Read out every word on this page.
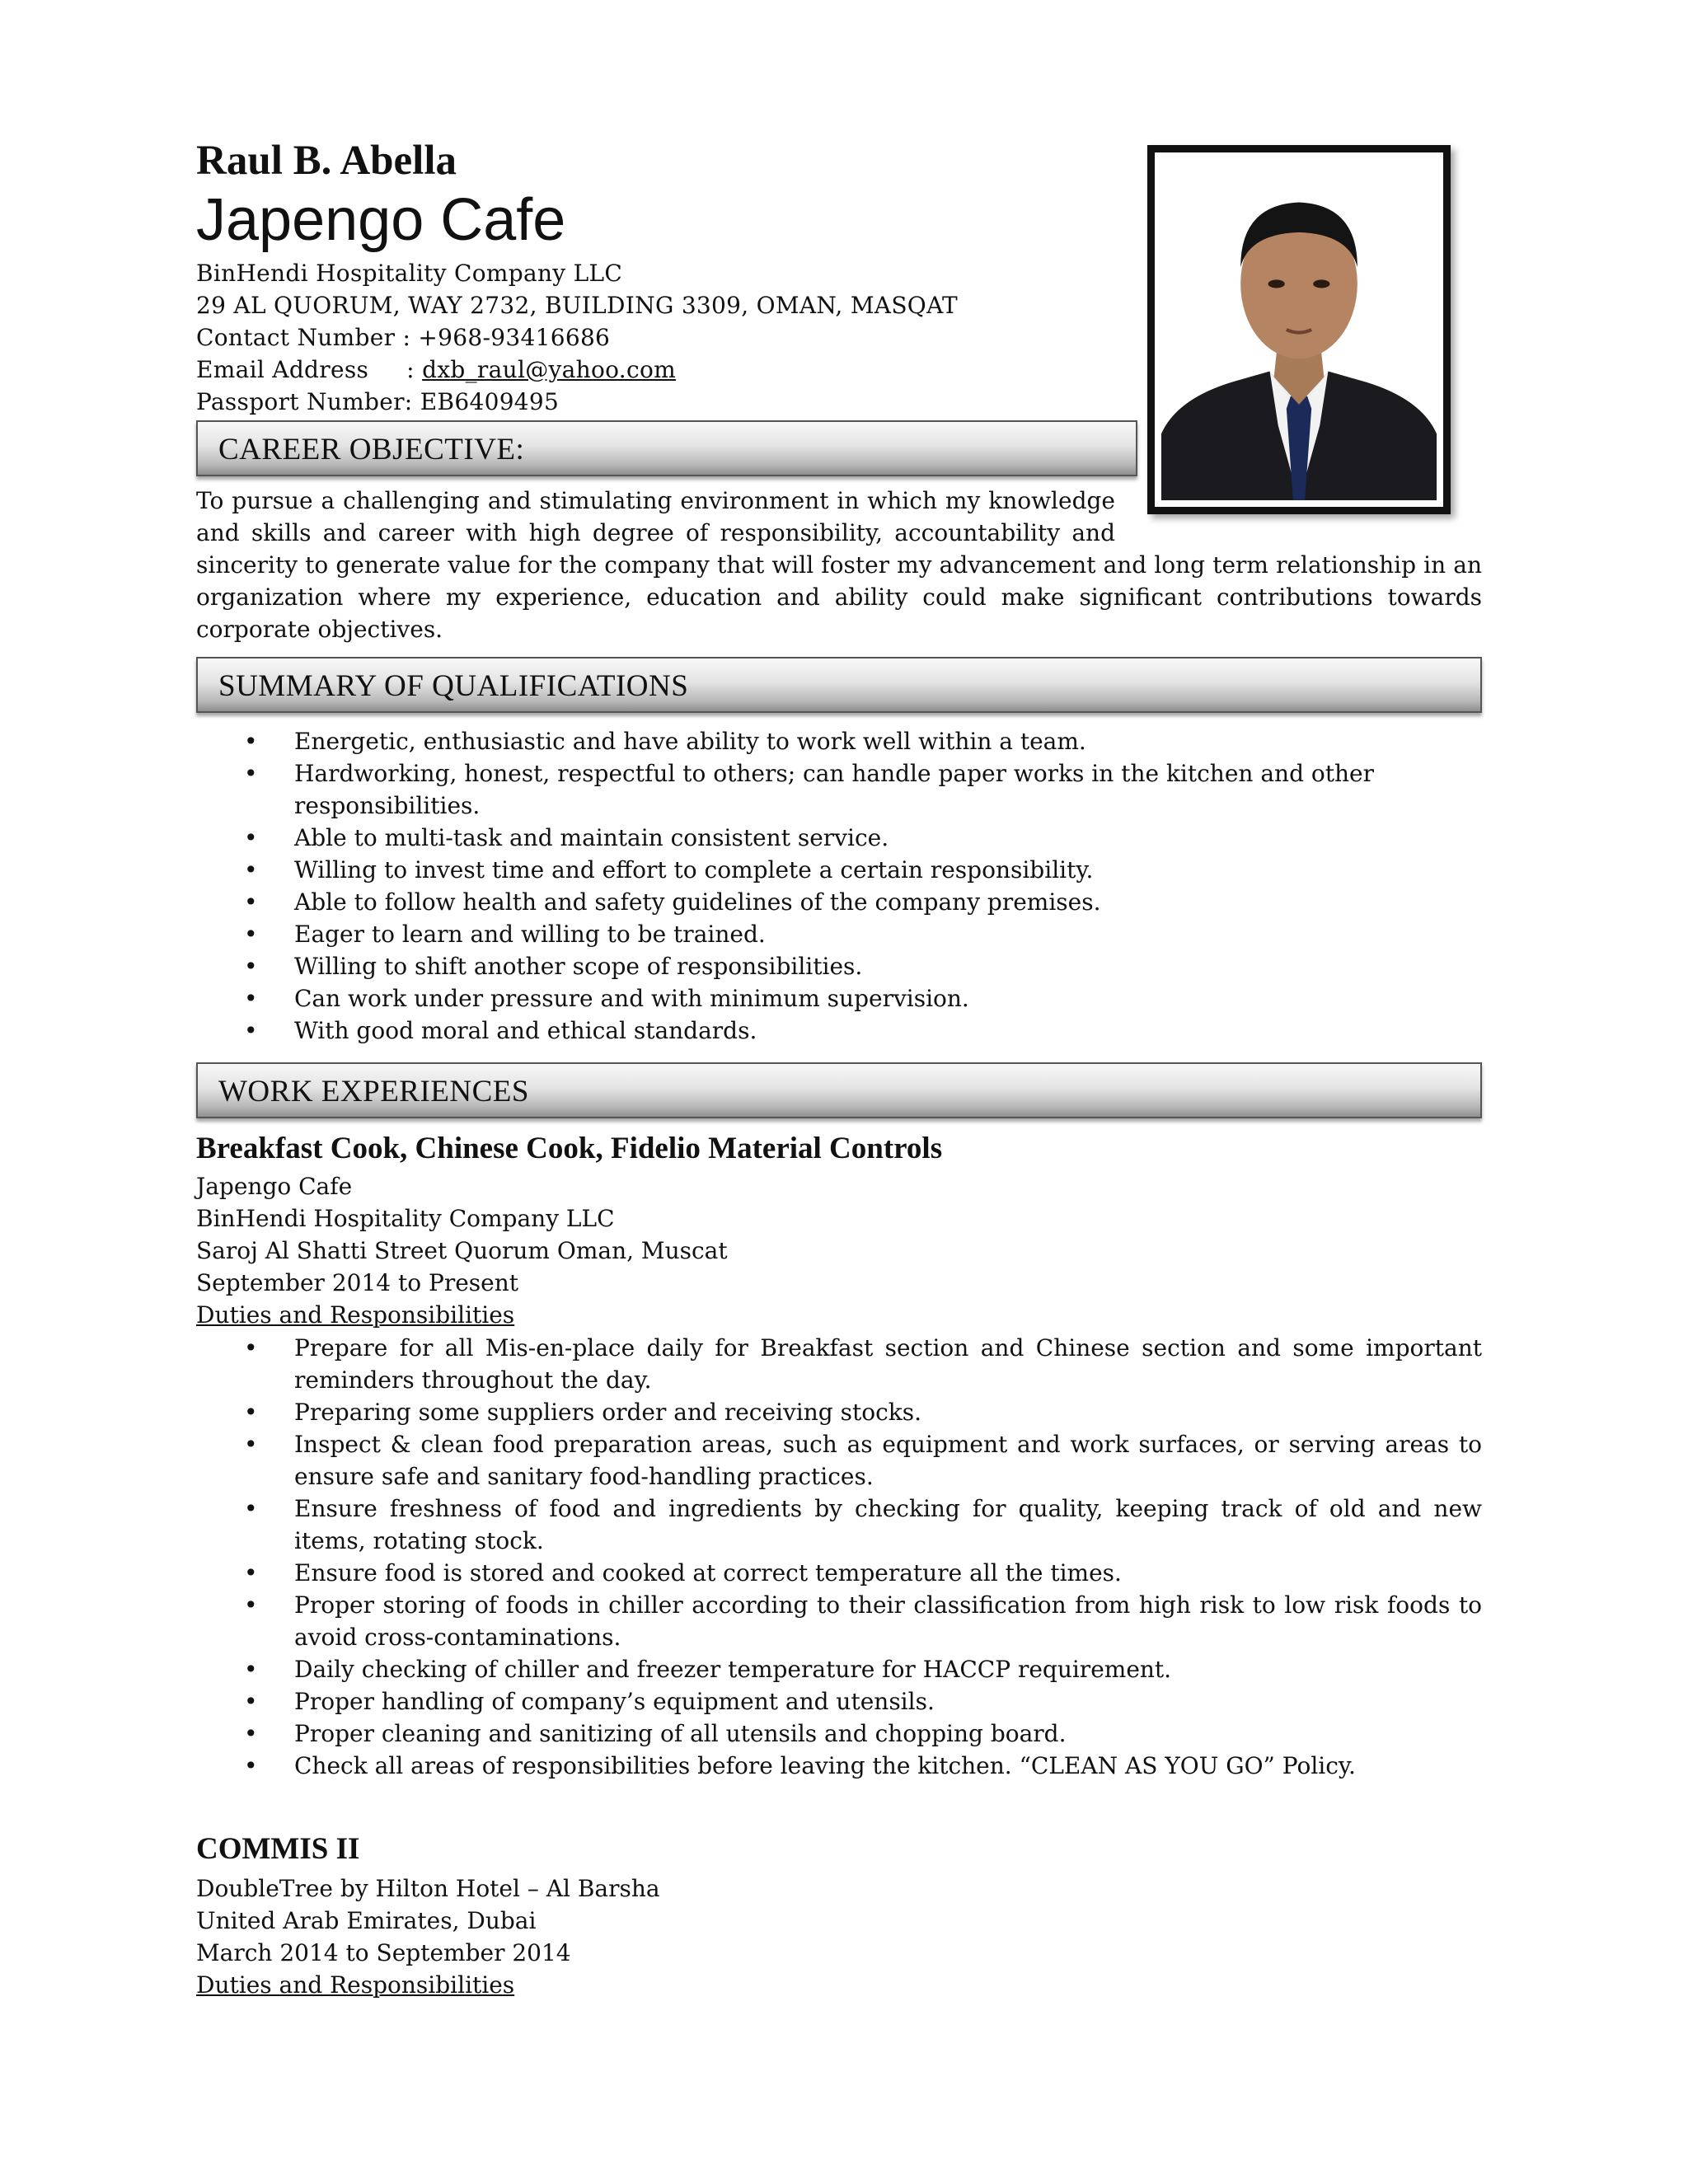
Raul B. Abella
Japengo Cafe
BinHendi Hospitality Company LLC
29 AL QUORUM, WAY 2732, BUILDING 3309, OMAN, MASQAT
Contact Number : +968-93416686
Email Address     : dxb_raul@yahoo.com
Passport Number: EB6409495
CAREER OBJECTIVE:
To pursue a challenging and stimulating environment in which my knowledge
and skills and career with high degree of responsibility, accountability and
sincerity to generate value for the company that will foster my advancement and long term relationship in an organization where my experience, education and ability could make significant contributions towards corporate objectives.
SUMMARY OF QUALIFICATIONS
• Energetic, enthusiastic and have ability to work well within a team.
• Hardworking, honest, respectful to others; can handle paper works in the kitchen and other responsibilities.
• Able to multi-task and maintain consistent service.
• Willing to invest time and effort to complete a certain responsibility.
• Able to follow health and safety guidelines of the company premises.
• Eager to learn and willing to be trained.
• Willing to shift another scope of responsibilities.
• Can work under pressure and with minimum supervision.
• With good moral and ethical standards.
WORK EXPERIENCES
Breakfast Cook, Chinese Cook, Fidelio Material Controls
Japengo Cafe
BinHendi Hospitality Company LLC
Saroj Al Shatti Street Quorum Oman, Muscat
September 2014 to Present
Duties and Responsibilities
• Prepare for all Mis-en-place daily for Breakfast section and Chinese section and some important reminders throughout the day.
• Preparing some suppliers order and receiving stocks.
• Inspect & clean food preparation areas, such as equipment and work surfaces, or serving areas to ensure safe and sanitary food-handling practices.
• Ensure freshness of food and ingredients by checking for quality, keeping track of old and new items, rotating stock.
• Ensure food is stored and cooked at correct temperature all the times.
• Proper storing of foods in chiller according to their classification from high risk to low risk foods to avoid cross-contaminations.
• Daily checking of chiller and freezer temperature for HACCP requirement.
• Proper handling of company’s equipment and utensils.
• Proper cleaning and sanitizing of all utensils and chopping board.
• Check all areas of responsibilities before leaving the kitchen. “CLEAN AS YOU GO” Policy.
COMMIS II
DoubleTree by Hilton Hotel – Al Barsha
United Arab Emirates, Dubai
March 2014 to September 2014
Duties and Responsibilities
